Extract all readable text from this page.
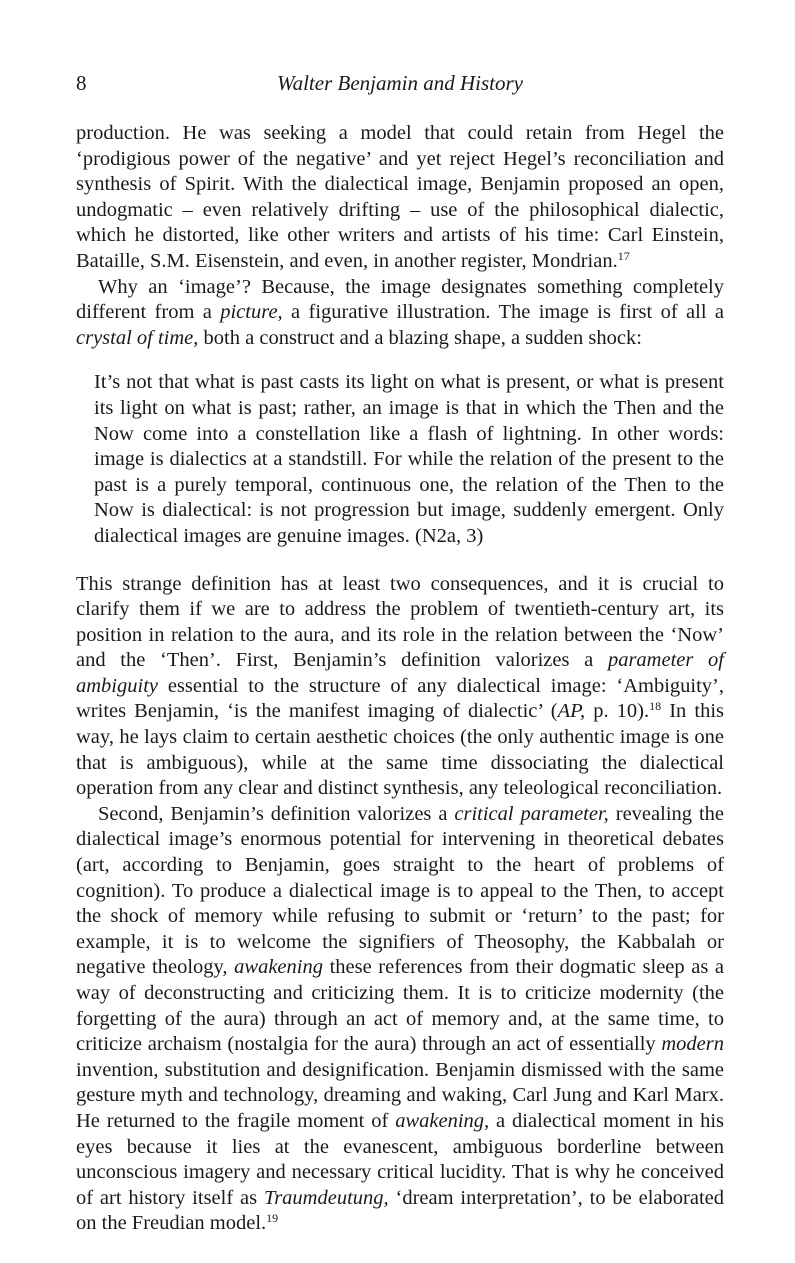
8	Walter Benjamin and History

production. He was seeking a model that could retain from Hegel the ‘prodigious power of the negative’ and yet reject Hegel’s reconciliation and synthesis of Spirit. With the dialectical image, Benjamin proposed an open, undogmatic – even relatively drifting – use of the philosophical dialectic, which he distorted, like other writers and artists of his time: Carl Einstein, Bataille, S.M. Eisenstein, and even, in another register, Mondrian.$^{17}$

Why an ‘image’? Because, the image designates something completely different from a picture, a figurative illustration. The image is first of all a crystal of time, both a construct and a blazing shape, a sudden shock:

It’s not that what is past casts its light on what is present, or what is present its light on what is past; rather, an image is that in which the Then and the Now come into a constellation like a flash of lightning. In other words: image is dialectics at a standstill. For while the relation of the present to the past is a purely temporal, continuous one, the relation of the Then to the Now is dialectical: is not progression but image, suddenly emergent. Only dialectical images are genuine images. (N2a, 3)

This strange definition has at least two consequences, and it is crucial to clarify them if we are to address the problem of twentieth-century art, its position in relation to the aura, and its role in the relation between the ‘Now’ and the ‘Then’. First, Benjamin’s definition valorizes a parameter of ambiguity essential to the structure of any dialectical image: ‘Ambiguity’, writes Benjamin, ‘is the manifest imaging of dialectic’ (AP, p. 10).$^{18}$ In this way, he lays claim to certain aesthetic choices (the only authentic image is one that is ambiguous), while at the same time dissociating the dialectical operation from any clear and distinct synthesis, any teleological reconciliation.

Second, Benjamin’s definition valorizes a critical parameter, revealing the dialectical image’s enormous potential for intervening in theoretical debates (art, according to Benjamin, goes straight to the heart of problems of cognition). To produce a dialectical image is to appeal to the Then, to accept the shock of memory while refusing to submit or ‘return’ to the past; for example, it is to welcome the signifiers of Theosophy, the Kabbalah or negative theology, awakening these references from their dogmatic sleep as a way of deconstructing and criticizing them. It is to criticize modernity (the forgetting of the aura) through an act of memory and, at the same time, to criticize archaism (nostalgia for the aura) through an act of essentially modern invention, substitution and designification. Benjamin dismissed with the same gesture myth and technology, dreaming and waking, Carl Jung and Karl Marx. He returned to the fragile moment of awakening, a dialectical moment in his eyes because it lies at the evanescent, ambiguous borderline between unconscious imagery and necessary critical lucidity. That is why he conceived of art history itself as Traumdeutung, ‘dream interpretation’, to be elaborated on the Freudian model.$^{19}$
